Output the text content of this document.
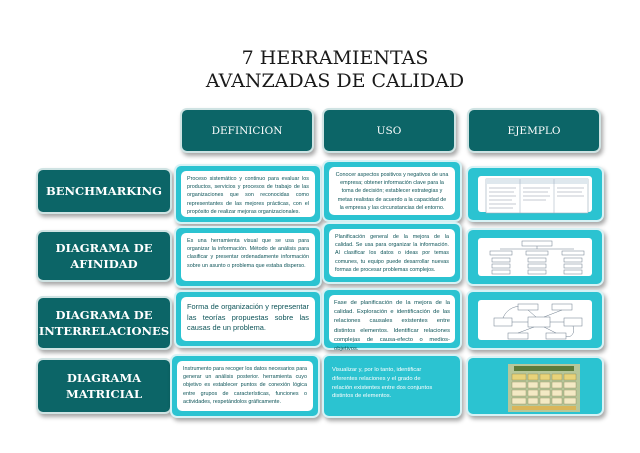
7 HERRAMIENTAS
AVANZADAS DE CALIDAD
DEFINICION	USO	EJEMPLO
BENCHMARKING
Proceso sistemático y continuo para evaluar los productos, servicios y procesos de trabajo de las organizaciones que son reconocidas como representantes de las mejores prácticas, con el propósito de realizar mejoras organizacionales.
Conocer aspectos positivos y negativos de una empresa; obtener información clave para la toma de decisión; establecer estrategias y metas realistas de acuerdo a la capacidad de la empresa y las circunstancias del entorno.
DIAGRAMA DE AFINIDAD
Es una herramienta visual que se usa para organizar la información. Método de análisis para clasificar y presentar ordenadamente información sobre un asunto o problema que estaba disperso.
Planificación general de la mejora de la calidad. Se usa para organizar la información. Al clasificar los datos o ideas por temas comunes, tu equipo puede desarrollar nuevas formas de procesar problemas complejos.
DIAGRAMA DE INTERRELACIONES
Forma de organización y representar las teorías propuestas sobre las causas de un problema.
Fase de planificación de la mejora de la calidad. Exploración e identificación de las relaciones causales existentes entre distintos elementos. Identificar relaciones complejas de causa-efecto o medios-objetivos.
DIAGRAMA MATRICIAL
Instrumento para recoger los datos necesarios para generar un análisis posterior. herramienta cuyo objetivo es establecer puntos de conexión lógica entre grupos de características, funciones o actividades, respetándolos gráficamente.
Visualizar y, por lo tanto, identificar diferentes relaciones y el grado de relación existentes entre dos conjuntos distintos de elementos.
